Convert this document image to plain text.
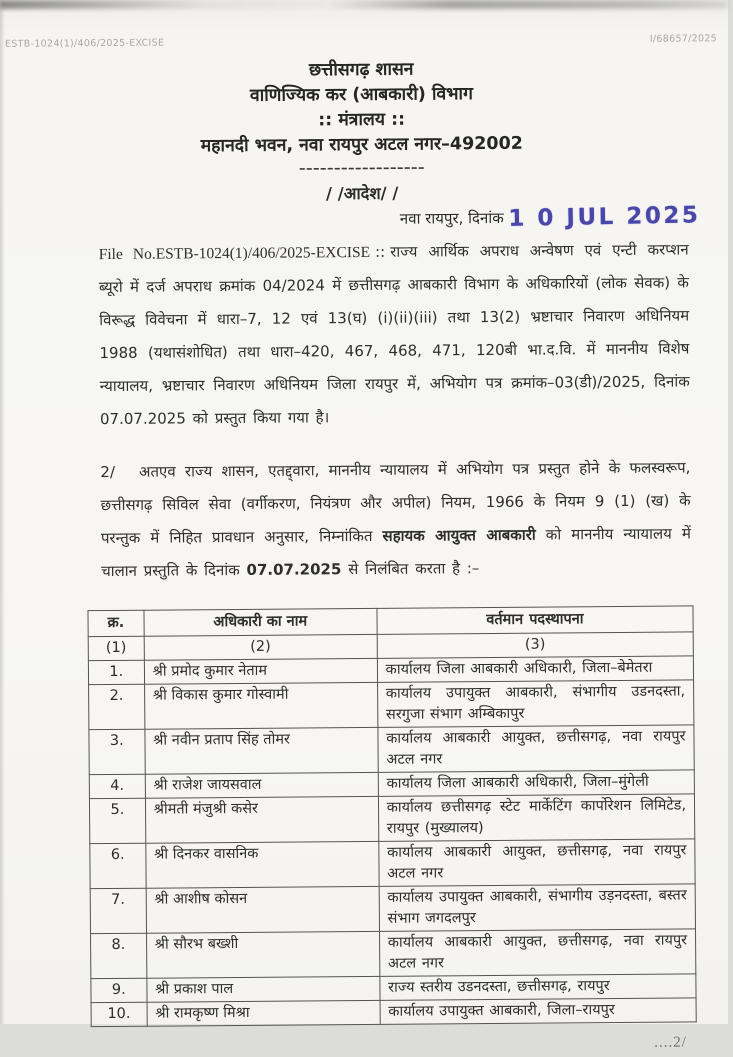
ESTB-1024(1)/406/2025-EXCISE	I/68657/2025
छत्तीसगढ़ शासन
वाणिज्यिक कर (आबकारी) विभाग
:: मंत्रालय ::
महानदी भवन, नवा रायपुर अटल नगर–492002
––––––––––––––––––
/ /आदेश/ /
नवा रायपुर, दिनांक 1 0 JUL 2025

File No.ESTB-1024(1)/406/2025-EXCISE :: राज्य आर्थिक अपराध अन्वेषण एवं एन्टी करप्शन ब्यूरो में दर्ज अपराध क्रमांक 04/2024 में छत्तीसगढ़ आबकारी विभाग के अधिकारियों (लोक सेवक) के विरूद्ध विवेचना में धारा–7, 12 एवं 13(घ) (i)(ii)(iii) तथा 13(2) भ्रष्टाचार निवारण अधिनियम 1988 (यथासंशोधित) तथा धारा–420, 467, 468, 471, 120बी भा.द.वि. में माननीय विशेष न्यायालय, भ्रष्टाचार निवारण अधिनियम जिला रायपुर में, अभियोग पत्र क्रमांक–03(डी)/2025, दिनांक 07.07.2025 को प्रस्तुत किया गया है।

2/ अतएव राज्य शासन, एतद्द्वारा, माननीय न्यायालय में अभियोग पत्र प्रस्तुत होने के फलस्वरूप, छत्तीसगढ़ सिविल सेवा (वर्गीकरण, नियंत्रण और अपील) नियम, 1966 के नियम 9 (1) (ख) के परन्तुक में निहित प्रावधान अनुसार, निम्नांकित सहायक आयुक्त आबकारी को माननीय न्यायालय में चालान प्रस्तुति के दिनांक 07.07.2025 से निलंबित करता है :–

क्र.	अधिकारी का नाम	वर्तमान पदस्थापना
(1)	(2)	(3)
1.	श्री प्रमोद कुमार नेताम	कार्यालय जिला आबकारी अधिकारी, जिला–बेमेतरा
2.	श्री विकास कुमार गोस्वामी	कार्यालय उपायुक्त आबकारी, संभागीय उडनदस्ता, सरगुजा संभाग अम्बिकापुर
3.	श्री नवीन प्रताप सिंह तोमर	कार्यालय आबकारी आयुक्त, छत्तीसगढ़, नवा रायपुर अटल नगर
4.	श्री राजेश जायसवाल	कार्यालय जिला आबकारी अधिकारी, जिला–मुंगेली
5.	श्रीमती मंजुश्री कसेर	कार्यालय छत्तीसगढ़ स्टेट मार्केटिंग कार्पोरेशन लिमिटेड, रायपुर (मुख्यालय)
6.	श्री दिनकर वासनिक	कार्यालय आबकारी आयुक्त, छत्तीसगढ़, नवा रायपुर अटल नगर
7.	श्री आशीष कोसन	कार्यालय उपायुक्त आबकारी, संभागीय उड़नदस्ता, बस्तर संभाग जगदलपुर
8.	श्री सौरभ बख्शी	कार्यालय आबकारी आयुक्त, छत्तीसगढ़, नवा रायपुर अटल नगर
9.	श्री प्रकाश पाल	राज्य स्तरीय उडनदस्ता, छत्तीसगढ़, रायपुर
10.	श्री रामकृष्ण मिश्रा	कार्यालय उपायुक्त आबकारी, जिला–रायपुर
....2/
